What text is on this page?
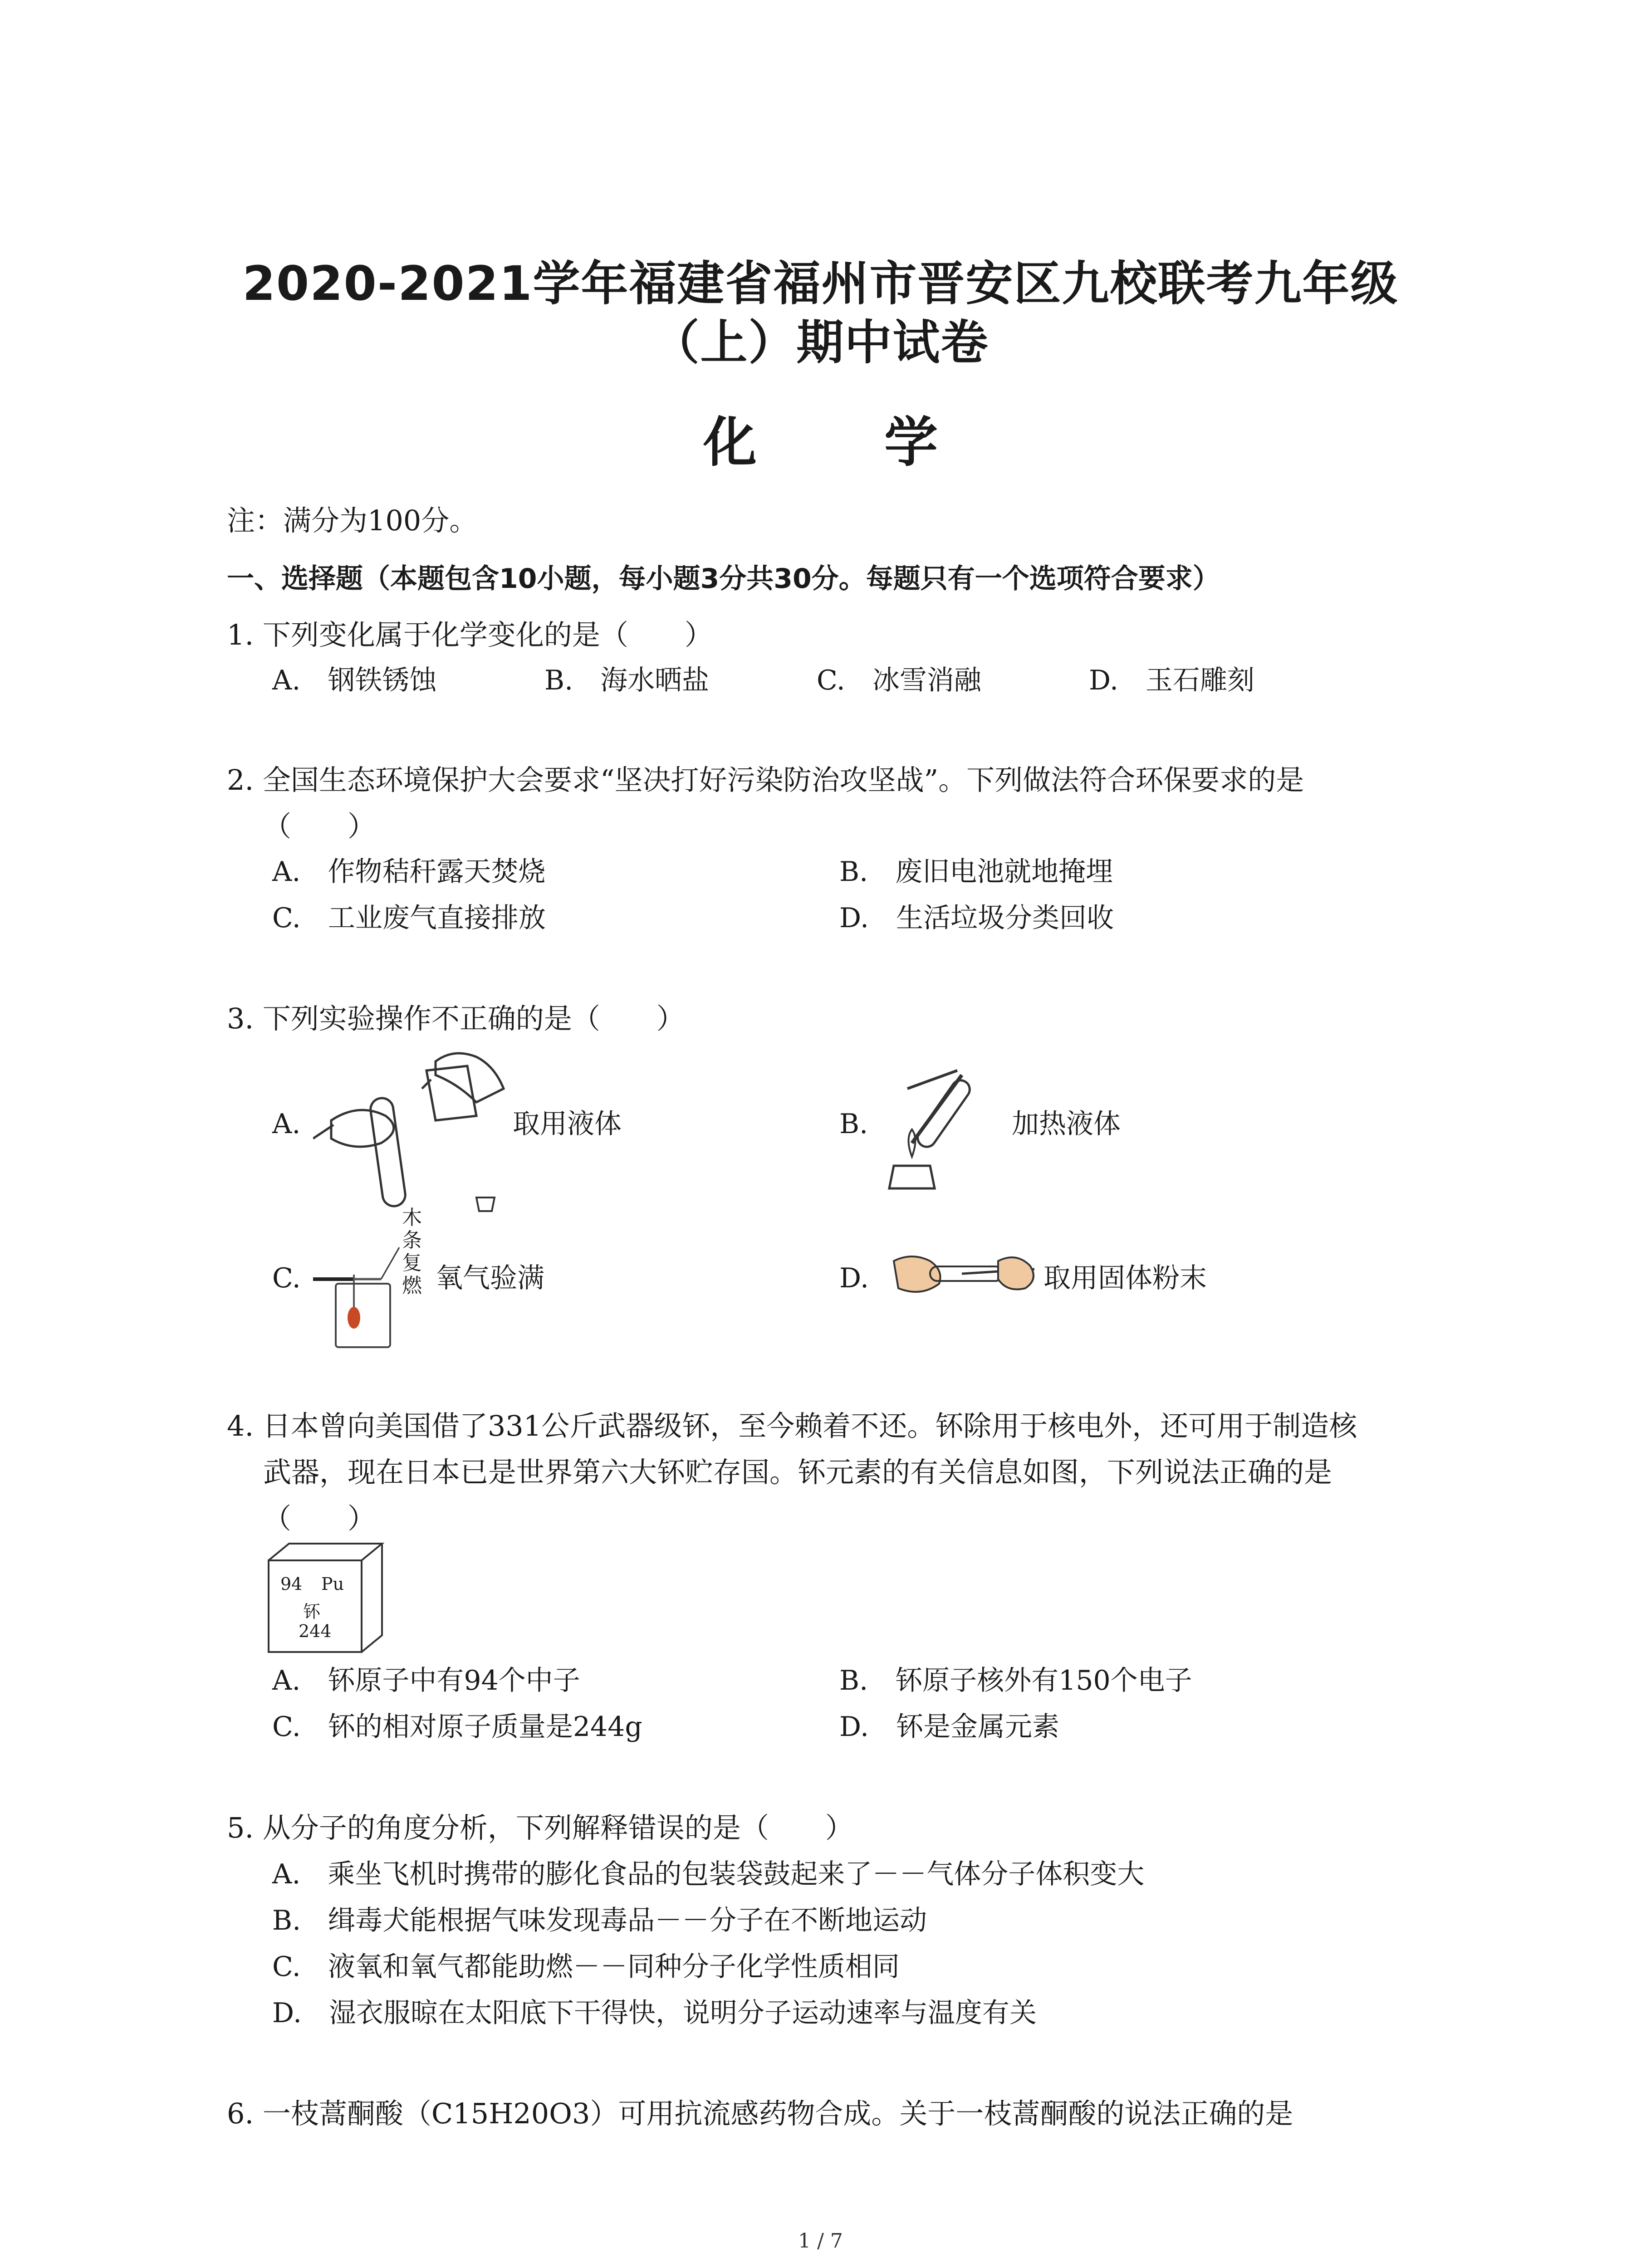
2020-2021学年福建省福州市晋安区九校联考九年级
（上）期中试卷
化 学
注：满分为100分。
一、选择题（本题包含10小题，每小题3分共30分。每题只有一个选项符合要求）
1. 下列变化属于化学变化的是（　　）
A.　钢铁锈蚀	B.　海水晒盐	C.　冰雪消融	D.　玉石雕刻
2. 全国生态环境保护大会要求“坚决打好污染防治攻坚战”。下列做法符合环保要求的是
（　　）
A.　作物秸秆露天焚烧	B.　废旧电池就地掩埋
C.　工业废气直接排放	D.　生活垃圾分类回收
3. 下列实验操作不正确的是（　　）
A.	取用液体	B.	加热液体
C.
木
条
复
燃 氧气验满	D.	取用固体粉末
4. 日本曾向美国借了331公斤武器级钚，至今赖着不还。钚除用于核电外，还可用于制造核
武器，现在日本已是世界第六大钚贮存国。钚元素的有关信息如图，下列说法正确的是
（　　）
94 Pu
钚
244
A.　钚原子中有94个中子	B.　钚原子核外有150个电子
C.　钚的相对原子质量是244g	D.　钚是金属元素
5. 从分子的角度分析，下列解释错误的是（　　）
A.　乘坐飞机时携带的膨化食品的包装袋鼓起来了－－气体分子体积变大
B.　缉毒犬能根据气味发现毒品－－分子在不断地运动
C.　液氧和氧气都能助燃－－同种分子化学性质相同
D.　湿衣服晾在太阳底下干得快，说明分子运动速率与温度有关
6. 一枝蒿酮酸（C15H20O3）可用抗流感药物合成。关于一枝蒿酮酸的说法正确的是
1 / 7
